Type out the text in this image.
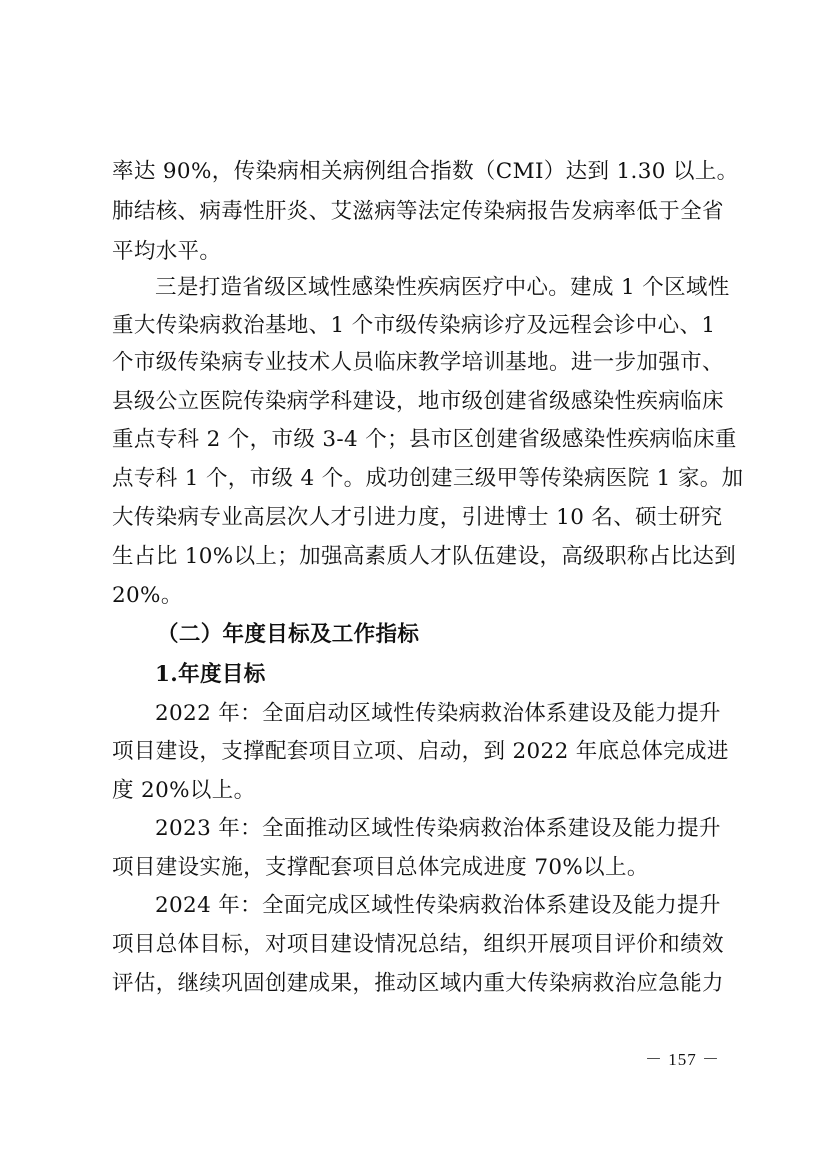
率达 90%，传染病相关病例组合指数（CMI）达到 1.30 以上。

肺结核、病毒性肝炎、艾滋病等法定传染病报告发病率低于全省

平均水平。

三是打造省级区域性感染性疾病医疗中心。建成 1 个区域性

重大传染病救治基地、1 个市级传染病诊疗及远程会诊中心、1

个市级传染病专业技术人员临床教学培训基地。进一步加强市、

县级公立医院传染病学科建设，地市级创建省级感染性疾病临床

重点专科 2 个，市级 3-4 个；县市区创建省级感染性疾病临床重

点专科 1 个，市级 4 个。成功创建三级甲等传染病医院 1 家。加

大传染病专业高层次人才引进力度，引进博士 10 名、硕士研究

生占比 10%以上；加强高素质人才队伍建设，高级职称占比达到

20%。

（二）年度目标及工作指标

1.年度目标

2022 年：全面启动区域性传染病救治体系建设及能力提升

项目建设，支撑配套项目立项、启动，到 2022 年底总体完成进

度 20%以上。

2023 年：全面推动区域性传染病救治体系建设及能力提升

项目建设实施，支撑配套项目总体完成进度 70%以上。

2024 年：全面完成区域性传染病救治体系建设及能力提升

项目总体目标，对项目建设情况总结，组织开展项目评价和绩效

评估，继续巩固创建成果，推动区域内重大传染病救治应急能力

－ 157 －
